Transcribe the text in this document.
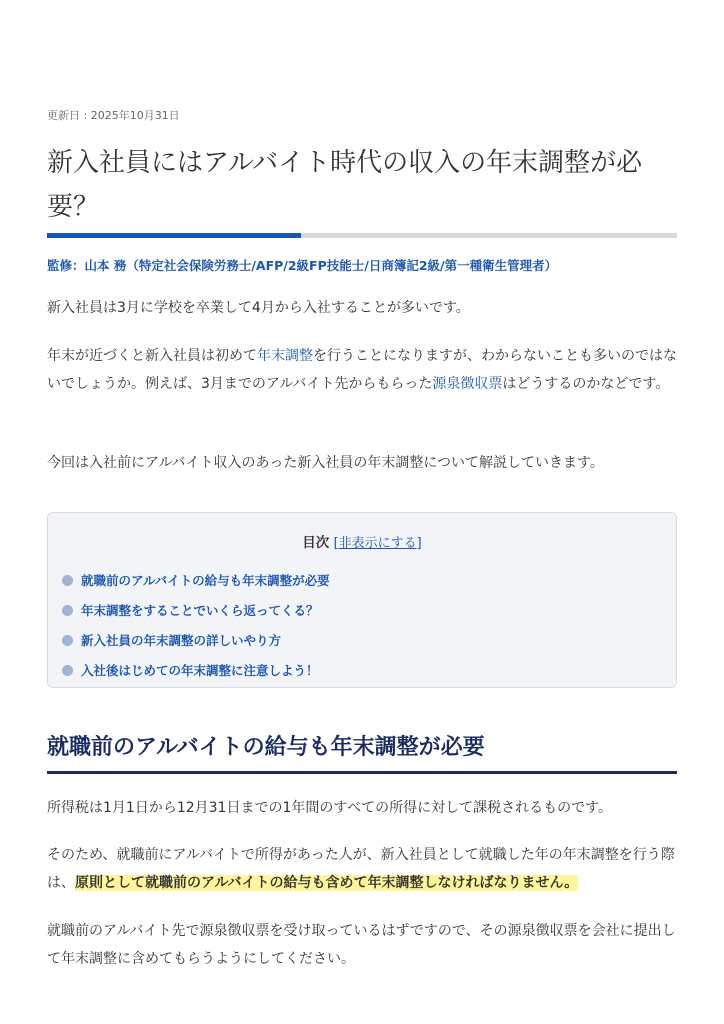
更新日 : 2025年10月31日
新入社員にはアルバイト時代の収入の年末調整が必要？
監修：山本 務（特定社会保険労務士/AFP/2級FP技能士/日商簿記2級/第一種衛生管理者）

新入社員は3月に学校を卒業して4月から入社することが多いです。

年末が近づくと新入社員は初めて年末調整を行うことになりますが、わからないことも多いのではないでしょうか。例えば、3月までのアルバイト先からもらった源泉徴収票はどうするのかなどです。

今回は入社前にアルバイト収入のあった新入社員の年末調整について解説していきます。

目次 [非表示にする]
就職前のアルバイトの給与も年末調整が必要
年末調整をすることでいくら返ってくる？
新入社員の年末調整の詳しいやり方
入社後はじめての年末調整に注意しよう！
就職前のアルバイトの給与も年末調整が必要

所得税は1月1日から12月31日までの1年間のすべての所得に対して課税されるものです。

そのため、就職前にアルバイトで所得があった人が、新入社員として就職した年の年末調整を行う際は、原則として就職前のアルバイトの給与も含めて年末調整しなければなりません。

就職前のアルバイト先で源泉徴収票を受け取っているはずですので、その源泉徴収票を会社に提出して年末調整に含めてもらうようにしてください。
